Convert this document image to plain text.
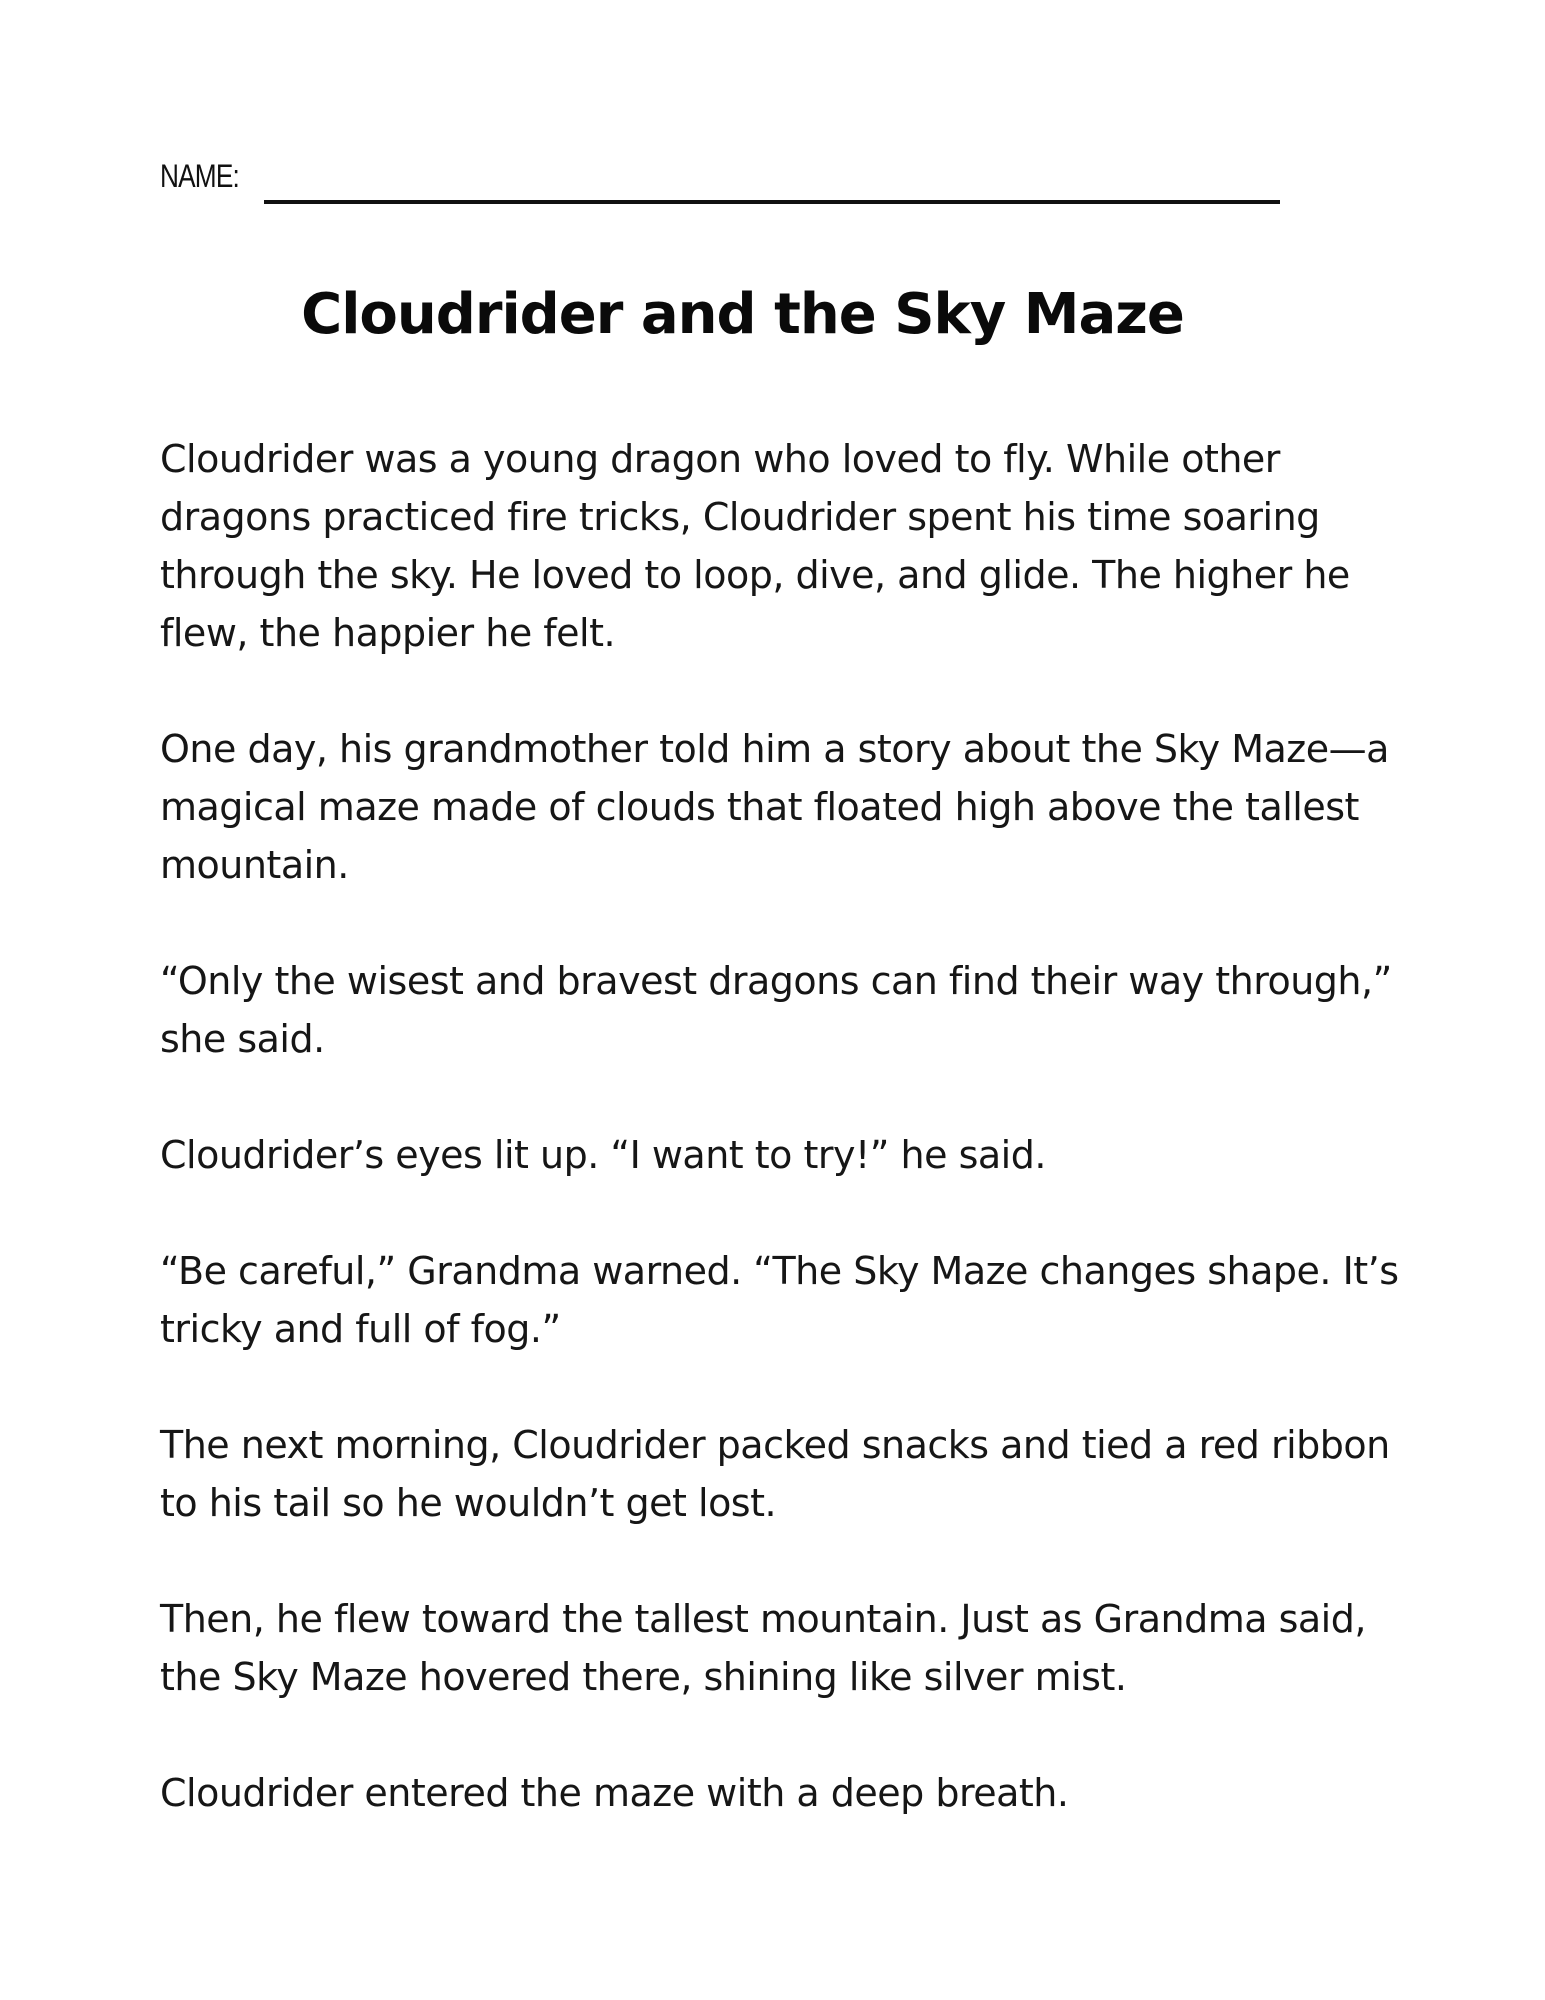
NAME:
Cloudrider and the Sky Maze

Cloudrider was a young dragon who loved to fly. While other dragons practiced fire tricks, Cloudrider spent his time soaring through the sky. He loved to loop, dive, and glide. The higher he flew, the happier he felt.

One day, his grandmother told him a story about the Sky Maze—a magical maze made of clouds that floated high above the tallest mountain.

“Only the wisest and bravest dragons can find their way through,” she said.

Cloudrider’s eyes lit up. “I want to try!” he said.

“Be careful,” Grandma warned. “The Sky Maze changes shape. It’s tricky and full of fog.”

The next morning, Cloudrider packed snacks and tied a red ribbon to his tail so he wouldn’t get lost.

Then, he flew toward the tallest mountain. Just as Grandma said, the Sky Maze hovered there, shining like silver mist.

Cloudrider entered the maze with a deep breath.
